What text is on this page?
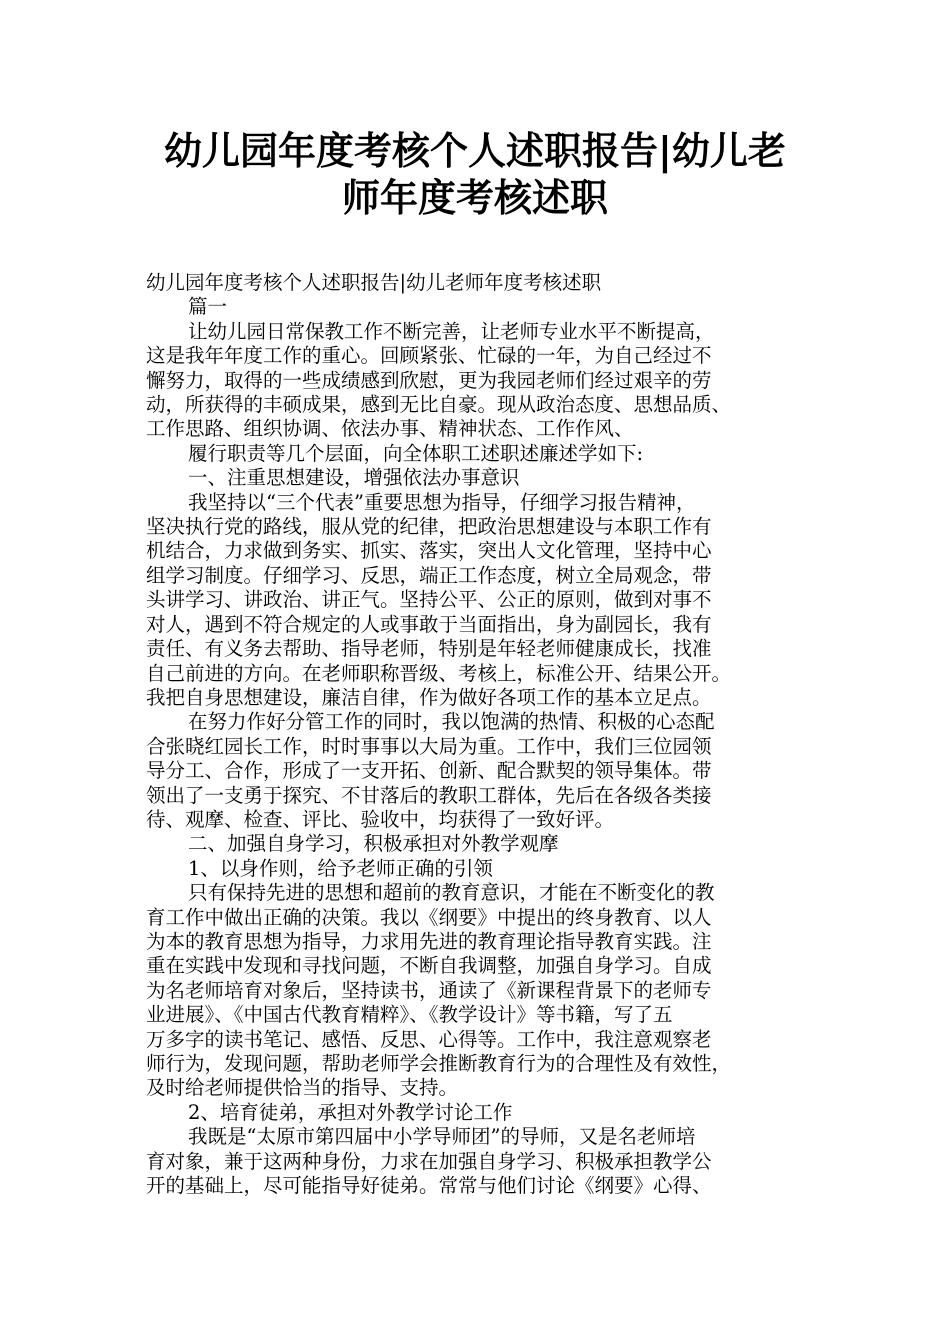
幼儿园年度考核个人述职报告|幼儿老
师年度考核述职

幼儿园年度考核个人述职报告|幼儿老师年度考核述职

篇一

让幼儿园日常保教工作不断完善，让老师专业水平不断提高，

这是我年年度工作的重心。回顾紧张、忙碌的一年，为自己经过不

懈努力，取得的一些成绩感到欣慰，更为我园老师们经过艰辛的劳

动，所获得的丰硕成果，感到无比自豪。现从政治态度、思想品质、

工作思路、组织协调、依法办事、精神状态、工作作风、

履行职责等几个层面，向全体职工述职述廉述学如下:

一、注重思想建设，增强依法办事意识

我坚持以“三个代表”重要思想为指导，仔细学习报告精神，

坚决执行党的路线，服从党的纪律，把政治思想建设与本职工作有

机结合，力求做到务实、抓实、落实，突出人文化管理，坚持中心

组学习制度。仔细学习、反思，端正工作态度，树立全局观念，带

头讲学习、讲政治、讲正气。坚持公平、公正的原则，做到对事不

对人，遇到不符合规定的人或事敢于当面指出，身为副园长，我有

责任、有义务去帮助、指导老师，特别是年轻老师健康成长，找准

自己前进的方向。在老师职称晋级、考核上，标准公开、结果公开。

我把自身思想建设，廉洁自律，作为做好各项工作的基本立足点。

在努力作好分管工作的同时，我以饱满的热情、积极的心态配

合张晓红园长工作，时时事事以大局为重。工作中，我们三位园领

导分工、合作，形成了一支开拓、创新、配合默契的领导集体。带

领出了一支勇于探究、不甘落后的教职工群体，先后在各级各类接

待、观摩、检查、评比、验收中，均获得了一致好评。

二、加强自身学习，积极承担对外教学观摩

1、以身作则，给予老师正确的引领

只有保持先进的思想和超前的教育意识，才能在不断变化的教

育工作中做出正确的决策。我以《纲要》中提出的终身教育、以人

为本的教育思想为指导，力求用先进的教育理论指导教育实践。注

重在实践中发现和寻找问题，不断自我调整，加强自身学习。自成

为名老师培育对象后，坚持读书，通读了《新课程背景下的老师专

业进展》、《中国古代教育精粹》、《教学设计》等书籍，写了五

万多字的读书笔记、感悟、反思、心得等。工作中，我注意观察老

师行为，发现问题，帮助老师学会推断教育行为的合理性及有效性，

及时给老师提供恰当的指导、支持。

2、培育徒弟，承担对外教学讨论工作

我既是“太原市第四届中小学导师团”的导师，又是名老师培

育对象，兼于这两种身份，力求在加强自身学习、积极承担教学公

开的基础上，尽可能指导好徒弟。常常与他们讨论《纲要》心得、
